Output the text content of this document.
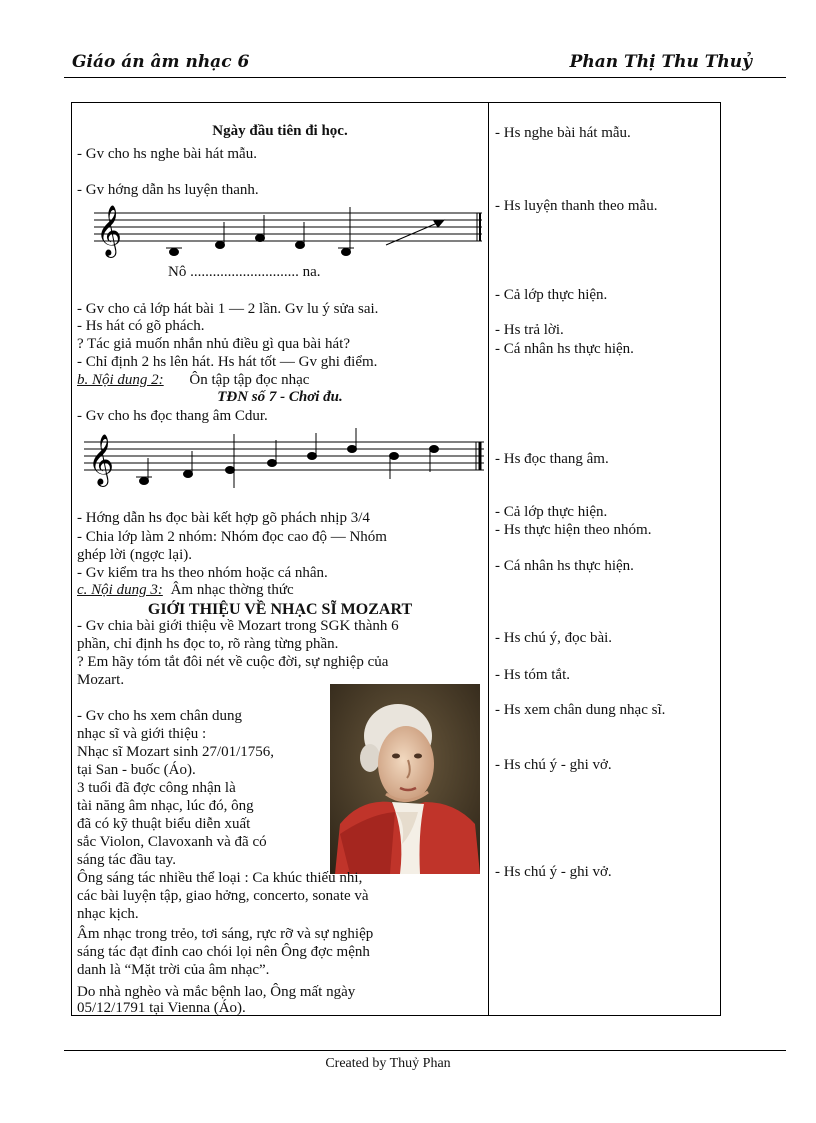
Giáo án âm nhạc 6	Phan Thị Thu Thuỷ
Ngày đầu tiên đi học.
- Gv cho hs nghe bài hát mẫu.
- Gv hớng dẫn hs luyện thanh.
𝄞
Nô ............................. na.
- Gv cho cả lớp hát bài 1 — 2 lần. Gv lu ý sửa sai.
- Hs hát có gõ phách.
? Tác giả muốn nhắn nhủ điều gì qua bài hát?
- Chỉ định 2 hs lên hát. Hs hát tốt — Gv ghi điểm.
b. Nội dung 2: Ôn tập tập đọc nhạc
TĐN số 7 - Chơi đu.
- Gv cho hs đọc thang âm Cdur.
𝄞
- Hớng dẫn hs đọc bài kết hợp gõ phách nhịp 3/4
- Chia lớp làm 2 nhóm: Nhóm đọc cao độ — Nhóm
ghép lời (ngợc lại).
- Gv kiểm tra hs theo nhóm hoặc cá nhân.
c. Nội dung 3: Âm nhạc thờng thức
GIỚI THIỆU VỀ NHẠC SĨ MOZART
- Gv chia bài giới thiệu về Mozart trong SGK thành 6
phần, chỉ định hs đọc to, rõ ràng từng phần.
? Em hãy tóm tắt đôi nét về cuộc đời, sự nghiệp của
Mozart.
- Gv cho hs xem chân dung
nhạc sĩ và giới thiệu :
Nhạc sĩ Mozart sinh 27/01/1756,
tại San - buốc (Áo).
3 tuổi đã đợc công nhận là
tài năng âm nhạc, lúc đó, ông
đã có kỹ thuật biểu diễn xuất
sắc Violon, Clavoxanh và đã có
sáng tác đầu tay.
Ông sáng tác nhiều thể loại : Ca khúc thiếu nhi,
các bài luyện tập, giao hởng, concerto, sonate và
nhạc kịch.
Âm nhạc trong trẻo, tơi sáng, rực rỡ và sự nghiệp
sáng tác đạt đỉnh cao chói lọi nên Ông đợc mệnh
danh là “Mặt trời của âm nhạc”.
Do nhà nghèo và mắc bệnh lao, Ông mất ngày
05/12/1791 tại Vienna (Áo).
- Hs nghe bài hát mẫu.
- Hs luyện thanh theo mẫu.
- Cả lớp thực hiện.
- Hs trả lời.
- Cá nhân hs thực hiện.
- Hs đọc thang âm.
- Cả lớp thực hiện.
- Hs thực hiện theo nhóm.
- Cá nhân hs thực hiện.
- Hs chú ý, đọc bài.
- Hs tóm tắt.
- Hs xem chân dung nhạc sĩ.
- Hs chú ý - ghi vở.
- Hs chú ý - ghi vở.
Created by Thuỷ Phan
